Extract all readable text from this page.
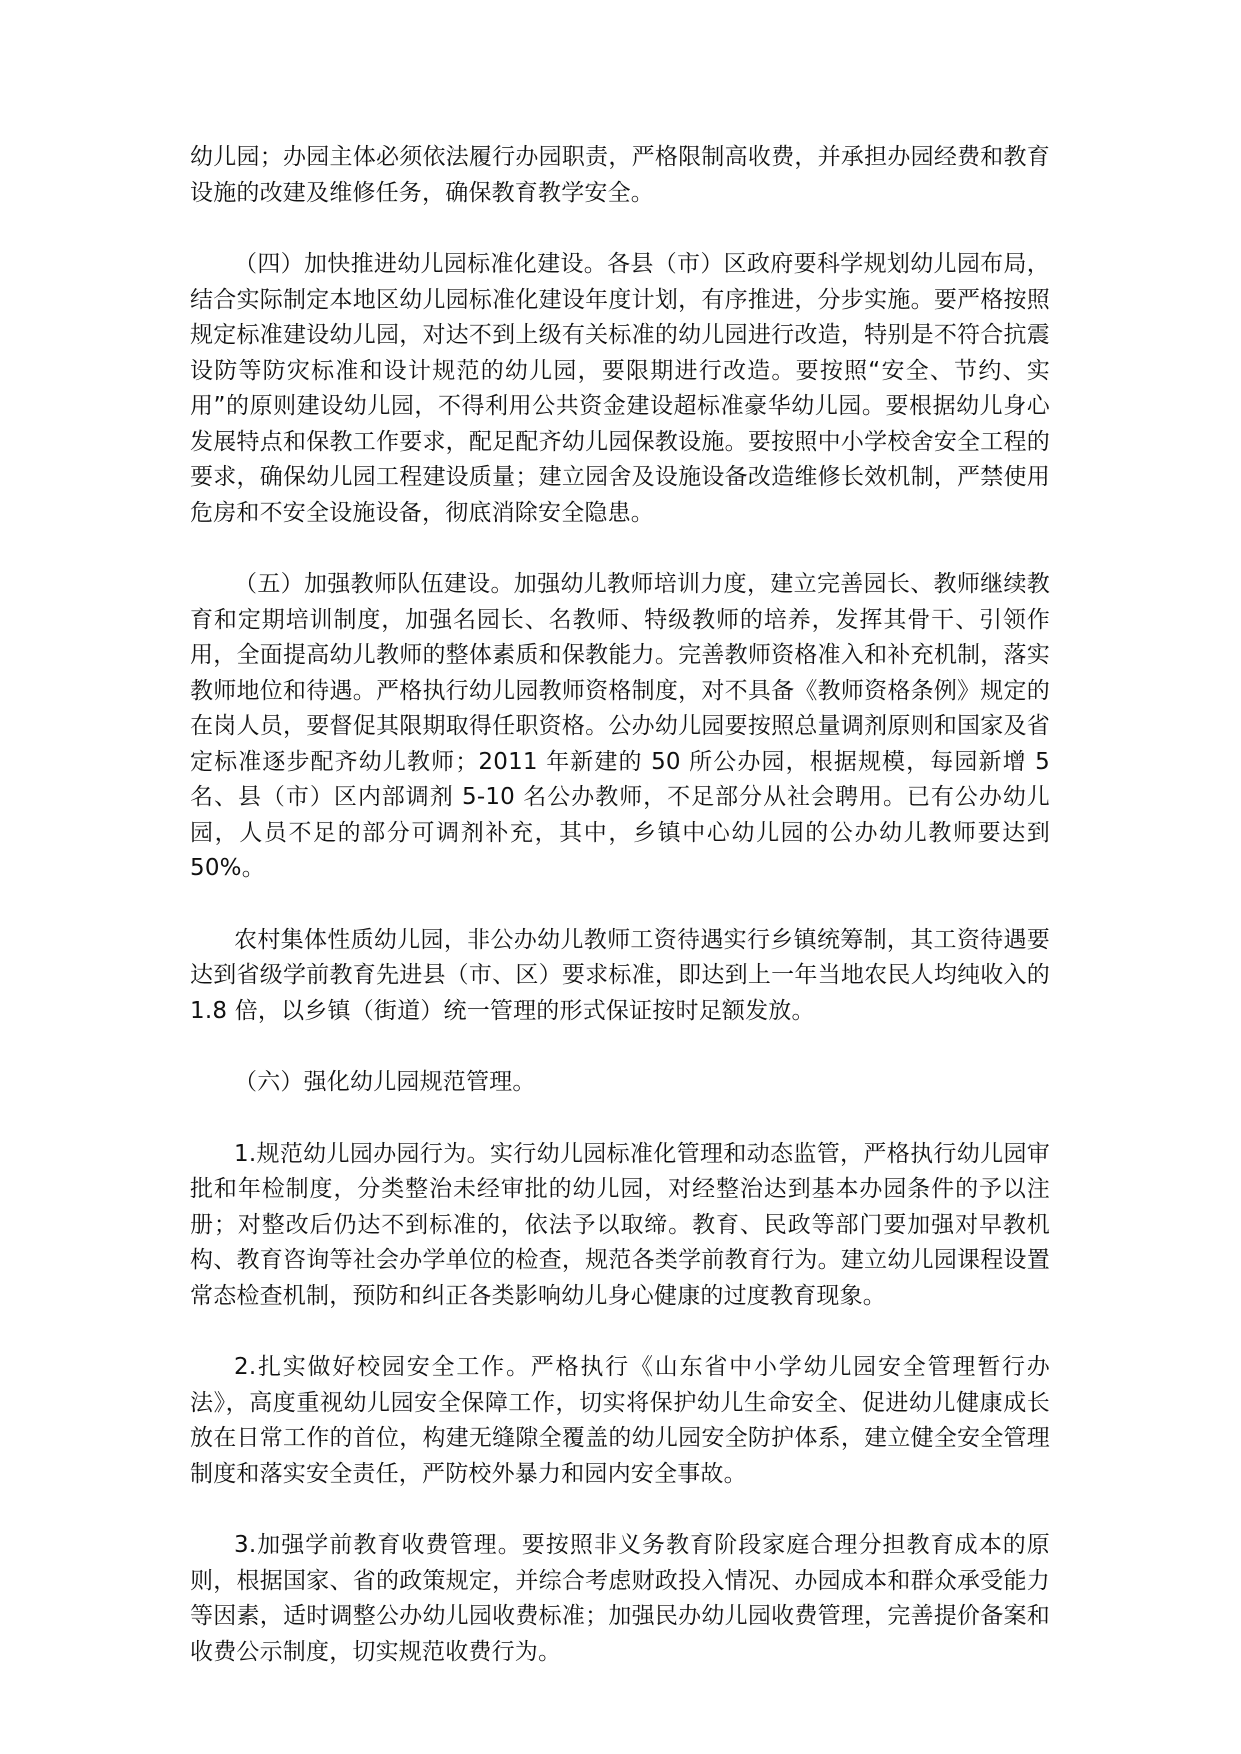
幼儿园；办园主体必须依法履行办园职责，严格限制高收费，并承担办园经费和教育设施的改建及维修任务，确保教育教学安全。

（四）加快推进幼儿园标准化建设。各县（市）区政府要科学规划幼儿园布局，结合实际制定本地区幼儿园标准化建设年度计划，有序推进，分步实施。要严格按照规定标准建设幼儿园，对达不到上级有关标准的幼儿园进行改造，特别是不符合抗震设防等防灾标准和设计规范的幼儿园，要限期进行改造。要按照“安全、节约、实用”的原则建设幼儿园，不得利用公共资金建设超标准豪华幼儿园。要根据幼儿身心发展特点和保教工作要求，配足配齐幼儿园保教设施。要按照中小学校舍安全工程的要求，确保幼儿园工程建设质量；建立园舍及设施设备改造维修长效机制，严禁使用危房和不安全设施设备，彻底消除安全隐患。

（五）加强教师队伍建设。加强幼儿教师培训力度，建立完善园长、教师继续教育和定期培训制度，加强名园长、名教师、特级教师的培养，发挥其骨干、引领作用，全面提高幼儿教师的整体素质和保教能力。完善教师资格准入和补充机制，落实教师地位和待遇。严格执行幼儿园教师资格制度，对不具备《教师资格条例》规定的在岗人员，要督促其限期取得任职资格。公办幼儿园要按照总量调剂原则和国家及省定标准逐步配齐幼儿教师；2011 年新建的 50 所公办园，根据规模，每园新增 5 名、县（市）区内部调剂 5-10 名公办教师，不足部分从社会聘用。已有公办幼儿园，人员不足的部分可调剂补充，其中，乡镇中心幼儿园的公办幼儿教师要达到 50%。

农村集体性质幼儿园，非公办幼儿教师工资待遇实行乡镇统筹制，其工资待遇要达到省级学前教育先进县（市、区）要求标准，即达到上一年当地农民人均纯收入的 1.8 倍，以乡镇（街道）统一管理的形式保证按时足额发放。

（六）强化幼儿园规范管理。

1.规范幼儿园办园行为。实行幼儿园标准化管理和动态监管，严格执行幼儿园审批和年检制度，分类整治未经审批的幼儿园，对经整治达到基本办园条件的予以注册；对整改后仍达不到标准的，依法予以取缔。教育、民政等部门要加强对早教机构、教育咨询等社会办学单位的检查，规范各类学前教育行为。建立幼儿园课程设置常态检查机制，预防和纠正各类影响幼儿身心健康的过度教育现象。

2.扎实做好校园安全工作。严格执行《山东省中小学幼儿园安全管理暂行办法》，高度重视幼儿园安全保障工作，切实将保护幼儿生命安全、促进幼儿健康成长放在日常工作的首位，构建无缝隙全覆盖的幼儿园安全防护体系，建立健全安全管理制度和落实安全责任，严防校外暴力和园内安全事故。

3.加强学前教育收费管理。要按照非义务教育阶段家庭合理分担教育成本的原则，根据国家、省的政策规定，并综合考虑财政投入情况、办园成本和群众承受能力等因素，适时调整公办幼儿园收费标准；加强民办幼儿园收费管理，完善提价备案和收费公示制度，切实规范收费行为。
